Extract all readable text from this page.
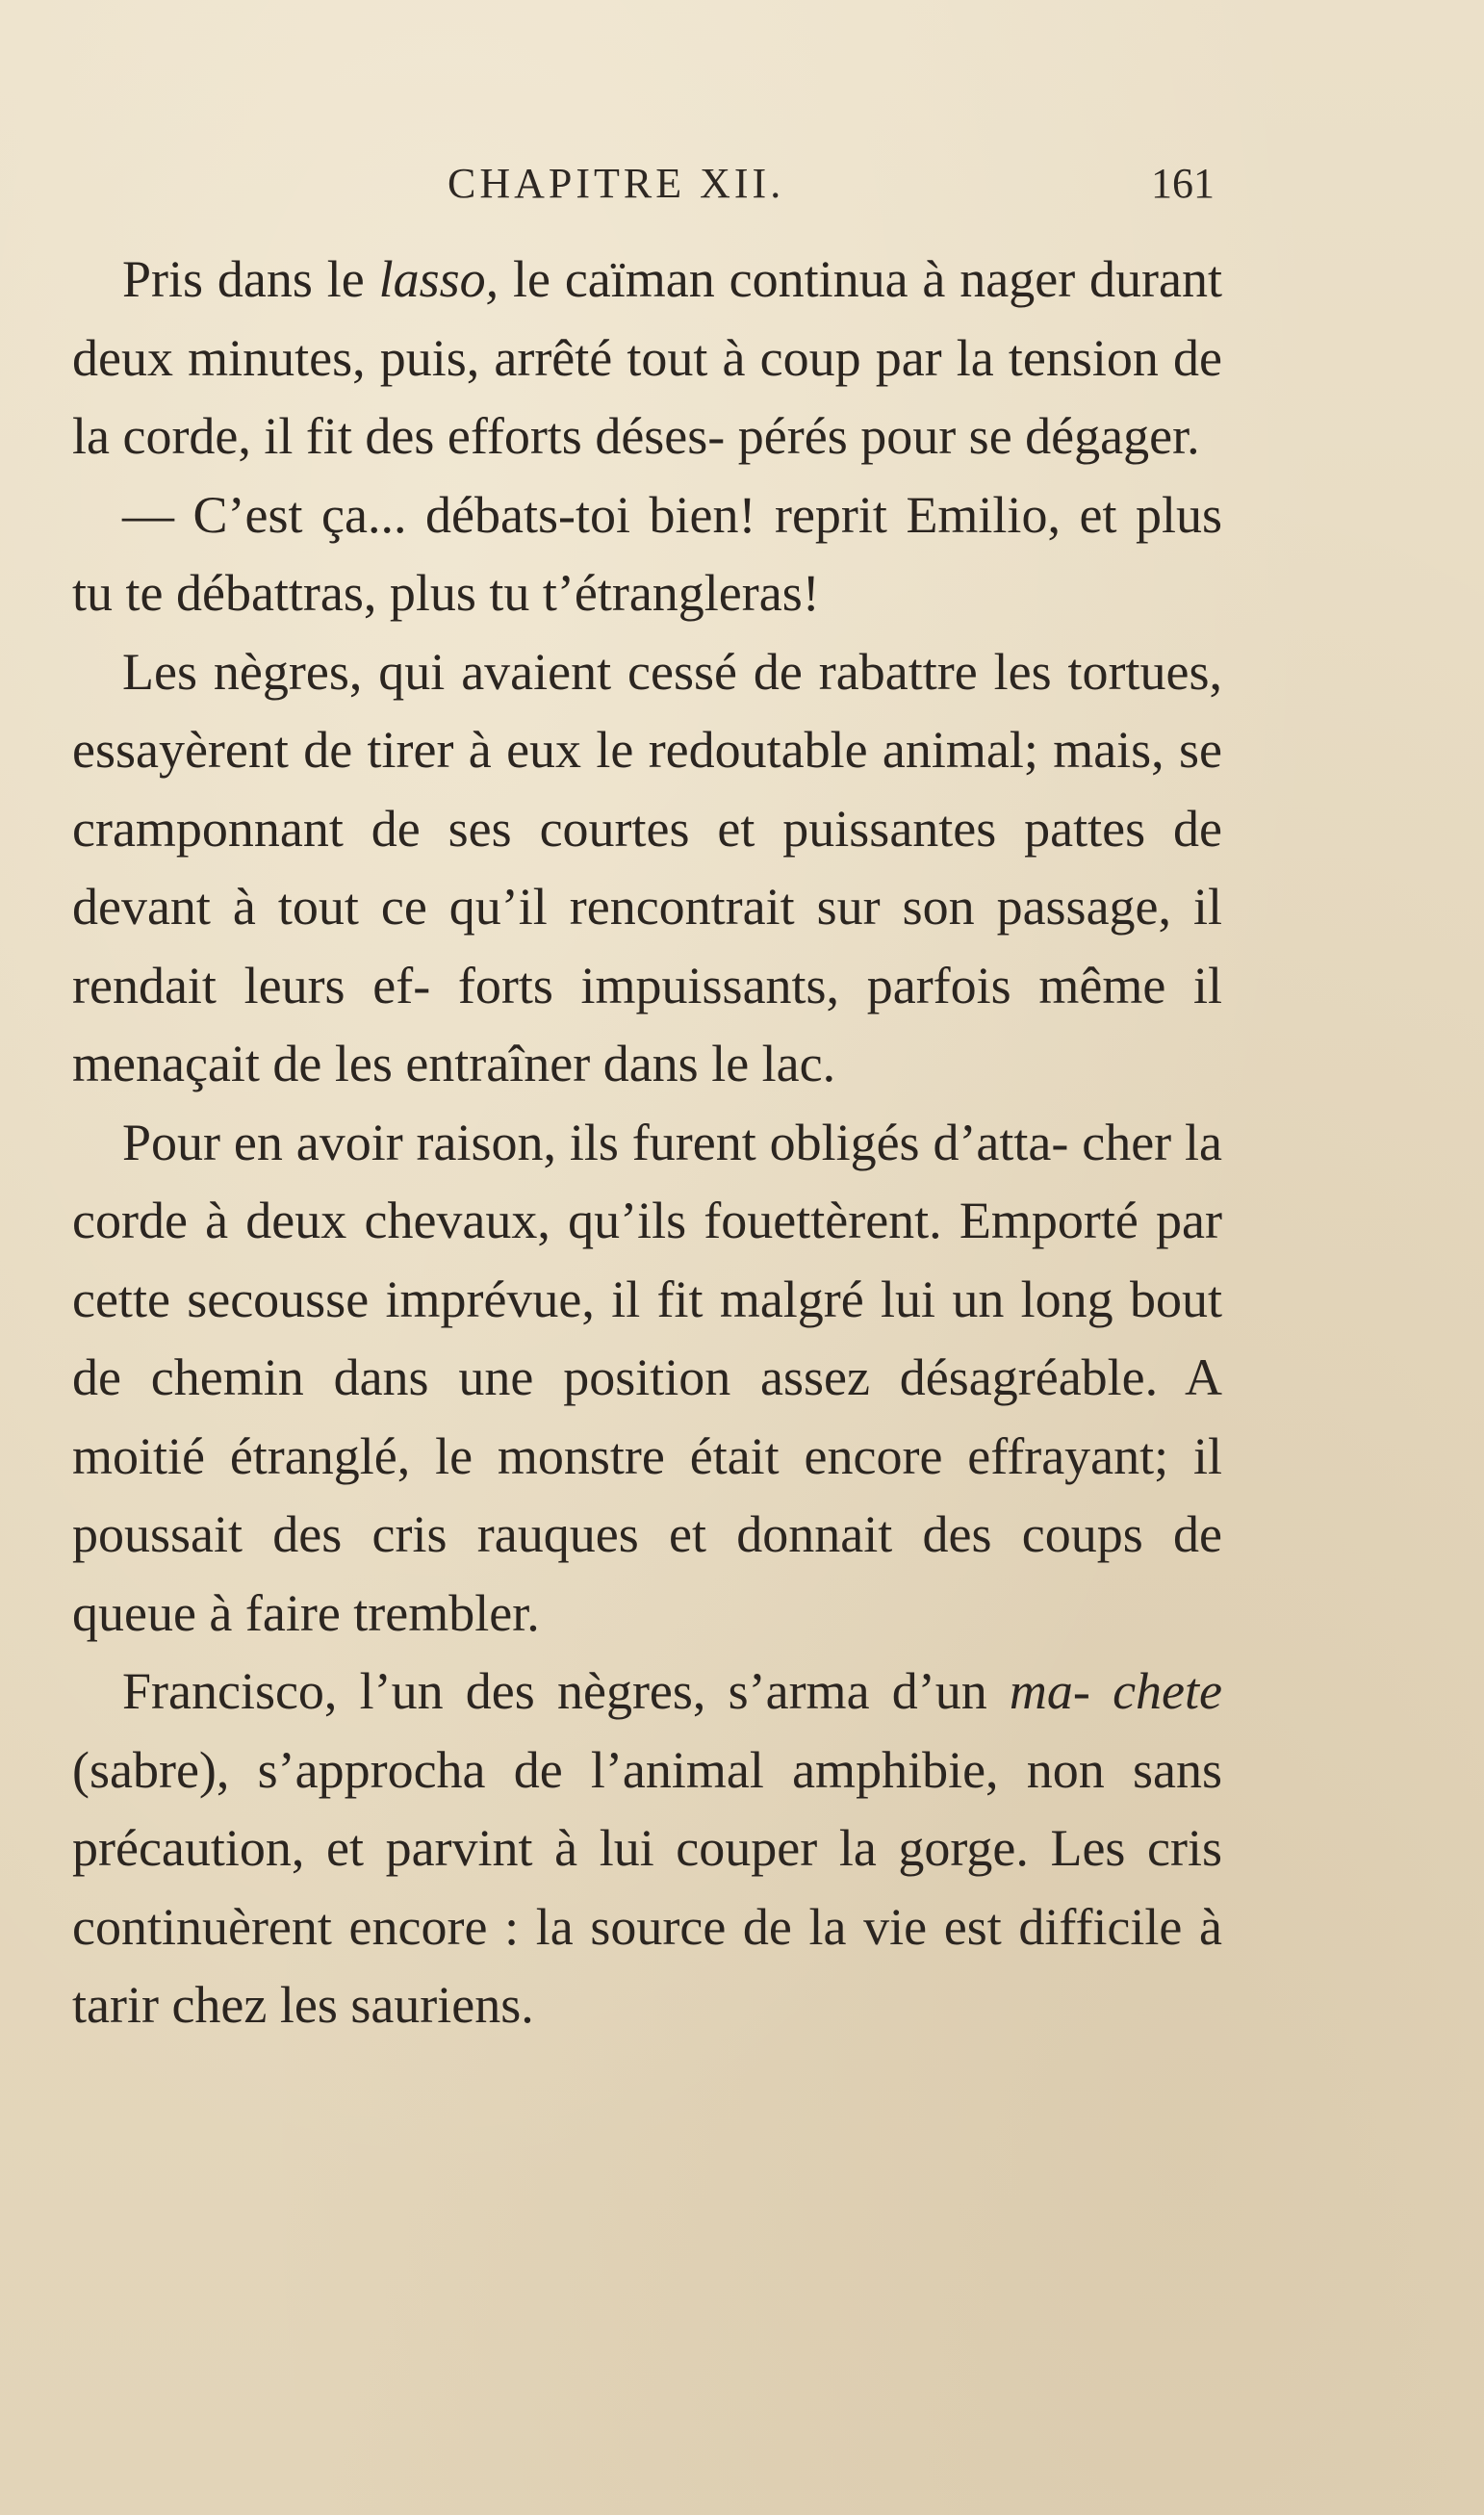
CHAPITRE XII.	161

Pris dans le lasso, le caïman continua à nager durant deux minutes, puis, arrêté tout à coup par la tension de la corde, il fit des efforts déses- pérés pour se dégager.

— C’est ça... débats-toi bien! reprit Emilio, et plus tu te débattras, plus tu t’étrangleras!

Les nègres, qui avaient cessé de rabattre les tortues, essayèrent de tirer à eux le redoutable animal; mais, se cramponnant de ses courtes et puissantes pattes de devant à tout ce qu’il rencontrait sur son passage, il rendait leurs ef- forts impuissants, parfois même il menaçait de les entraîner dans le lac.

Pour en avoir raison, ils furent obligés d’atta- cher la corde à deux chevaux, qu’ils fouettèrent. Emporté par cette secousse imprévue, il fit malgré lui un long bout de chemin dans une position assez désagréable. A moitié étranglé, le monstre était encore effrayant; il poussait des cris rauques et donnait des coups de queue à faire trembler.

Francisco, l’un des nègres, s’arma d’un ma- chete (sabre), s’approcha de l’animal amphibie, non sans précaution, et parvint à lui couper la gorge. Les cris continuèrent encore : la source de la vie est difficile à tarir chez les sauriens.
